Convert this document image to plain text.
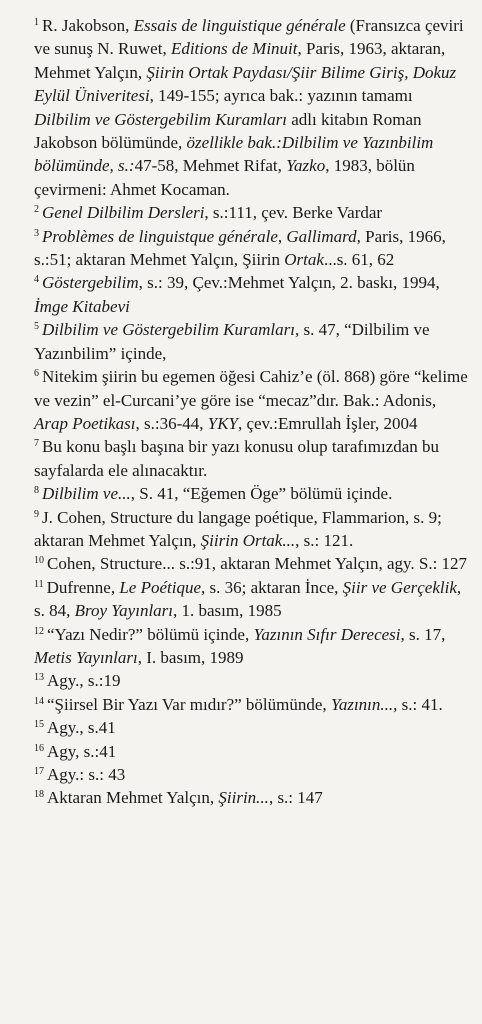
$^1$ R. Jakobson, Essais de linguistique générale (Fransızca çeviri ve sunuş N. Ruwet, Editions de Minuit, Paris, 1963, aktaran, Mehmet Yalçın, Şiirin Ortak Paydası/Şiir Bilime Giriş, Dokuz Eylül Üniveritesi, 149-155; ayrıca bak.: yazının tamamı Dilbilim ve Göstergebilim Kuramları adlı kitabın Roman Jakobson bölümünde, özellikle bak.:Dilbilim ve Yazınbilim bölümünde, s.:47-58, Mehmet Rifat, Yazko, 1983, bölün çevirmeni: Ahmet Kocaman.

$^2$ Genel Dilbilim Dersleri, s.:111, çev. Berke Vardar

$^3$ Problèmes de linguistque générale, Gallimard, Paris, 1966, s.:51; aktaran Mehmet Yalçın, Şiirin Ortak...s. 61, 62

$^4$ Göstergebilim, s.: 39, Çev.:Mehmet Yalçın, 2. baskı, 1994, İmge Kitabevi

$^5$ Dilbilim ve Göstergebilim Kuramları, s. 47, “Dilbilim ve Yazınbilim” içinde,

$^6$ Nitekim şiirin bu egemen öğesi Cahiz’e (öl. 868) göre “kelime ve vezin” el-Curcani’ye göre ise “mecaz”dır. Bak.: Adonis, Arap Poetikası, s.:36-44, YKY, çev.:Emrullah İşler, 2004

$^7$ Bu konu başlı başına bir yazı konusu olup tarafımızdan bu sayfalarda ele alınacaktır.

$^8$ Dilbilim ve..., S. 41, “Eğemen Öge” bölümü içinde.

$^9$ J. Cohen, Structure du langage poétique, Flammarion, s. 9; aktaran Mehmet Yalçın, Şiirin Ortak..., s.: 121.

$^{10}$ Cohen, Structure... s.:91, aktaran Mehmet Yalçın, agy. S.: 127

$^{11}$ Dufrenne, Le Poétique, s. 36; aktaran İnce, Şiir ve Gerçeklik, s. 84, Broy Yayınları, 1. basım, 1985

$^{12}$ “Yazı Nedir?” bölümü içinde, Yazının Sıfır Derecesi, s. 17, Metis Yayınları, I. basım, 1989

$^{13}$ Agy., s.:19

$^{14}$ “Şiirsel Bir Yazı Var mıdır?” bölümünde, Yazının..., s.: 41.

$^{15}$ Agy., s.41

$^{16}$ Agy, s.:41

$^{17}$ Agy.: s.: 43

$^{18}$ Aktaran Mehmet Yalçın, Şiirin..., s.: 147
